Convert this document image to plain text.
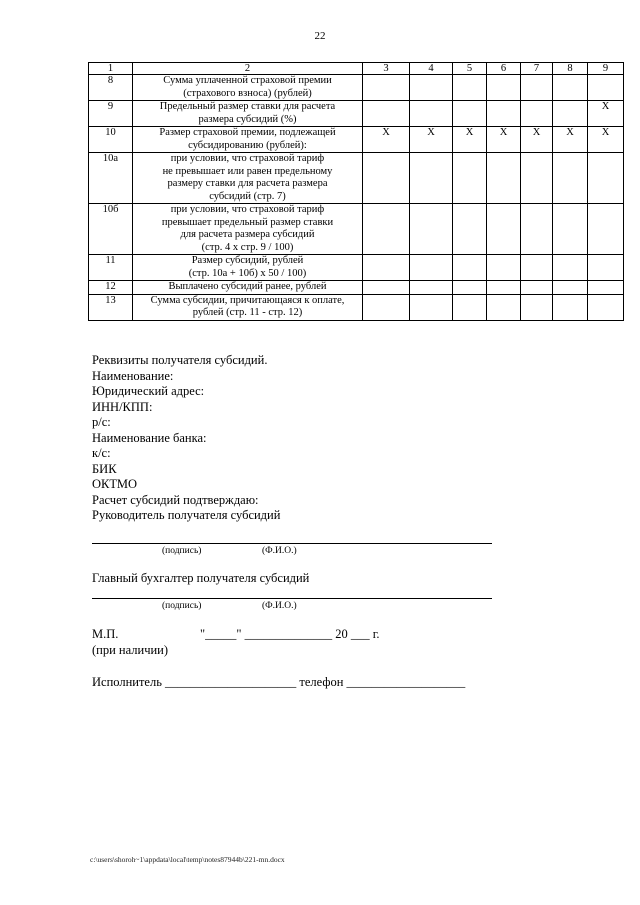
22
1	2	3	4	5	6	7	8	9
8	Сумма уплаченной страховой премии
(страхового взноса) (рублей)							

9	Предельный размер ставки для расчета
размера субсидий (%)							X
10	Размер страховой премии, подлежащей
субсидированию (рублей):	X	X	X	X	X	X	X
10а	при условии, что страховой тариф
не превышает или равен предельному
размеру ставки для расчета размера
субсидий (стр. 7)							

10б	при условии, что страховой тариф
превышает предельный размер ставки
для расчета размера субсидий
(стр. 4 x стр. 9 / 100)							

11	Размер субсидий, рублей
(стр. 10а + 10б) x 50 / 100)							

12	Выплачено субсидий ранее, рублей							

13	Сумма субсидии, причитающаяся к оплате,
рублей (стр. 11 - стр. 12)							

Реквизиты получателя субсидий.
Наименование:
Юридический адрес:
ИНН/КПП:
р/с:
Наименование банка:
к/с:
БИК
ОКТМО
Расчет субсидий подтверждаю:
Руководитель получателя субсидий
(подпись)	(Ф.И.О.)
Главный бухгалтер получателя субсидий
(подпись)	(Ф.И.О.)
М.П.	"_____" ______________ 20 ___ г.
(при наличии)
Исполнитель _____________________ телефон ___________________
c:\users\shoroh~1\appdata\local\temp\notes87944b\221-mn.docx
